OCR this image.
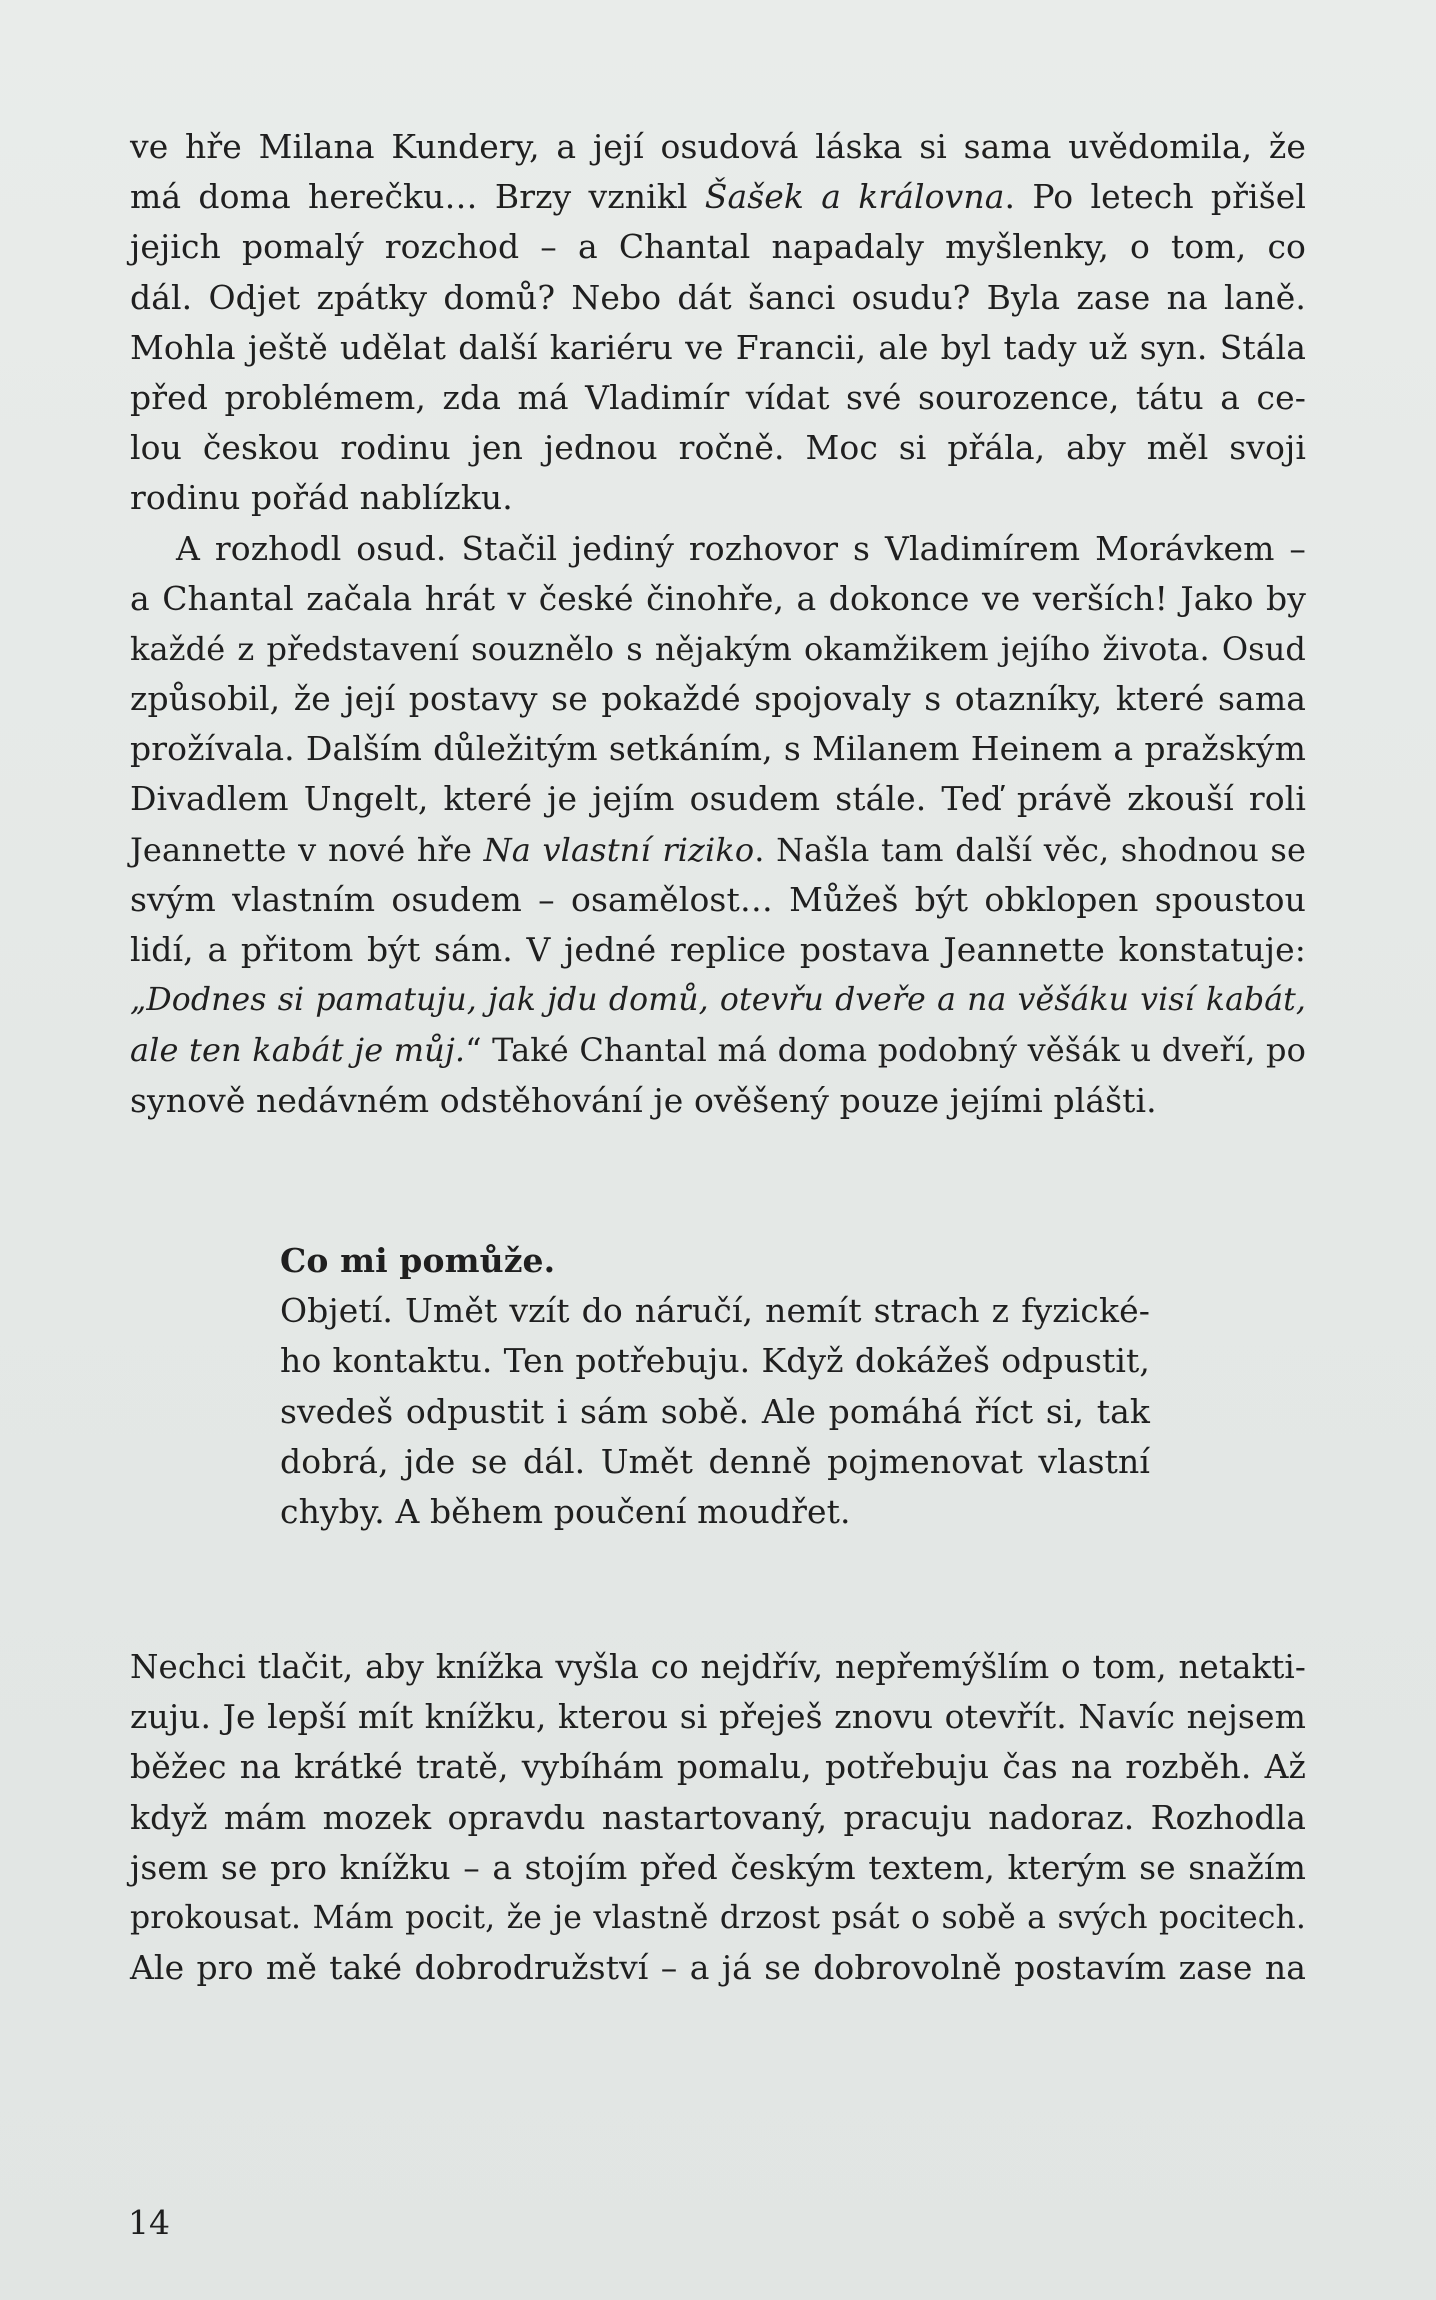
ve hře Milana Kundery, a její osudová láska si sama uvědomila, že
má doma herečku… Brzy vznikl Šašek a královna. Po letech přišel
jejich pomalý rozchod – a Chantal napadaly myšlenky, o tom, co
dál. Odjet zpátky domů? Nebo dát šanci osudu? Byla zase na laně.
Mohla ještě udělat další kariéru ve Francii, ale byl tady už syn. Stála
před problémem, zda má Vladimír vídat své sourozence, tátu a ce-
lou českou rodinu jen jednou ročně. Moc si přála, aby měl svoji
rodinu pořád nablízku.
A rozhodl osud. Stačil jediný rozhovor s Vladimírem Morávkem –
a Chantal začala hrát v české činohře, a dokonce ve verších! Jako by
každé z představení souznělo s nějakým okamžikem jejího života. Osud
způsobil, že její postavy se pokaždé spojovaly s otazníky, které sama
prožívala. Dalším důležitým setkáním, s Milanem Heinem a pražským
Divadlem Ungelt, které je jejím osudem stále. Teď právě zkouší roli
Jeannette v nové hře Na vlastní riziko. Našla tam další věc, shodnou se
svým vlastním osudem – osamělost… Můžeš být obklopen spoustou
lidí, a přitom být sám. V jedné replice postava Jeannette konstatuje:
„Dodnes si pamatuju, jak jdu domů, otevřu dveře a na věšáku visí kabát,
ale ten kabát je můj.“ Také Chantal má doma podobný věšák u dveří, po
synově nedávném odstěhování je ověšený pouze jejími plášti.
Co mi pomůže.
Objetí. Umět vzít do náručí, nemít strach z fyzické-
ho kontaktu. Ten potřebuju. Když dokážeš odpustit,
svedeš odpustit i sám sobě. Ale pomáhá říct si, tak
dobrá, jde se dál. Umět denně pojmenovat vlastní
chyby. A během poučení moudřet.
Nechci tlačit, aby knížka vyšla co nejdřív, nepřemýšlím o tom, netakti-
zuju. Je lepší mít knížku, kterou si přeješ znovu otevřít. Navíc nejsem
běžec na krátké tratě, vybíhám pomalu, potřebuju čas na rozběh. Až
když mám mozek opravdu nastartovaný, pracuju nadoraz. Rozhodla
jsem se pro knížku – a stojím před českým textem, kterým se snažím
prokousat. Mám pocit, že je vlastně drzost psát o sobě a svých pocitech.
Ale pro mě také dobrodružství – a já se dobrovolně postavím zase na
14
